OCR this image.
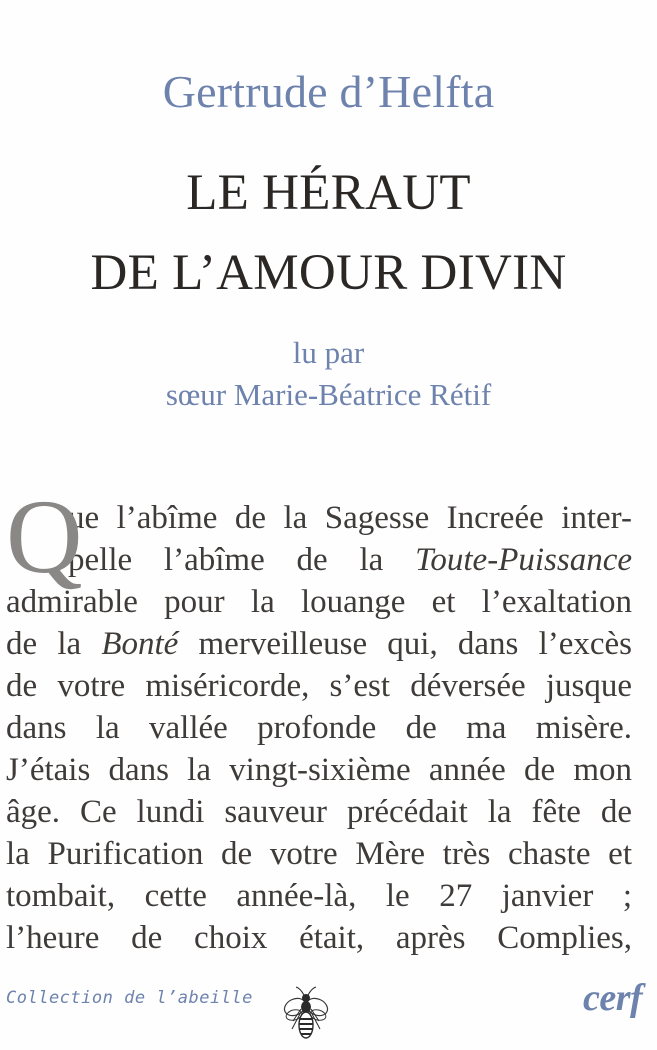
Gertrude d’Helfta
LE HÉRAUT
DE L’AMOUR DIVIN
lu par
sœur Marie-Béatrice Rétif
Q
ue l’abîme de la Sagesse Increée inter-
pelle l’abîme de la Toute-Puissance
admirable pour la louange et l’exaltation
de la Bonté merveilleuse qui, dans l’excès
de votre miséricorde, s’est déversée jusque
dans la vallée profonde de ma misère.
J’étais dans la vingt-sixième année de mon
âge. Ce lundi sauveur précédait la fête de
la Purification de votre Mère très chaste et
tombait, cette année-là, le 27 janvier ;
l’heure de choix était, après Complies,
Collection de l’abeille	cerf
